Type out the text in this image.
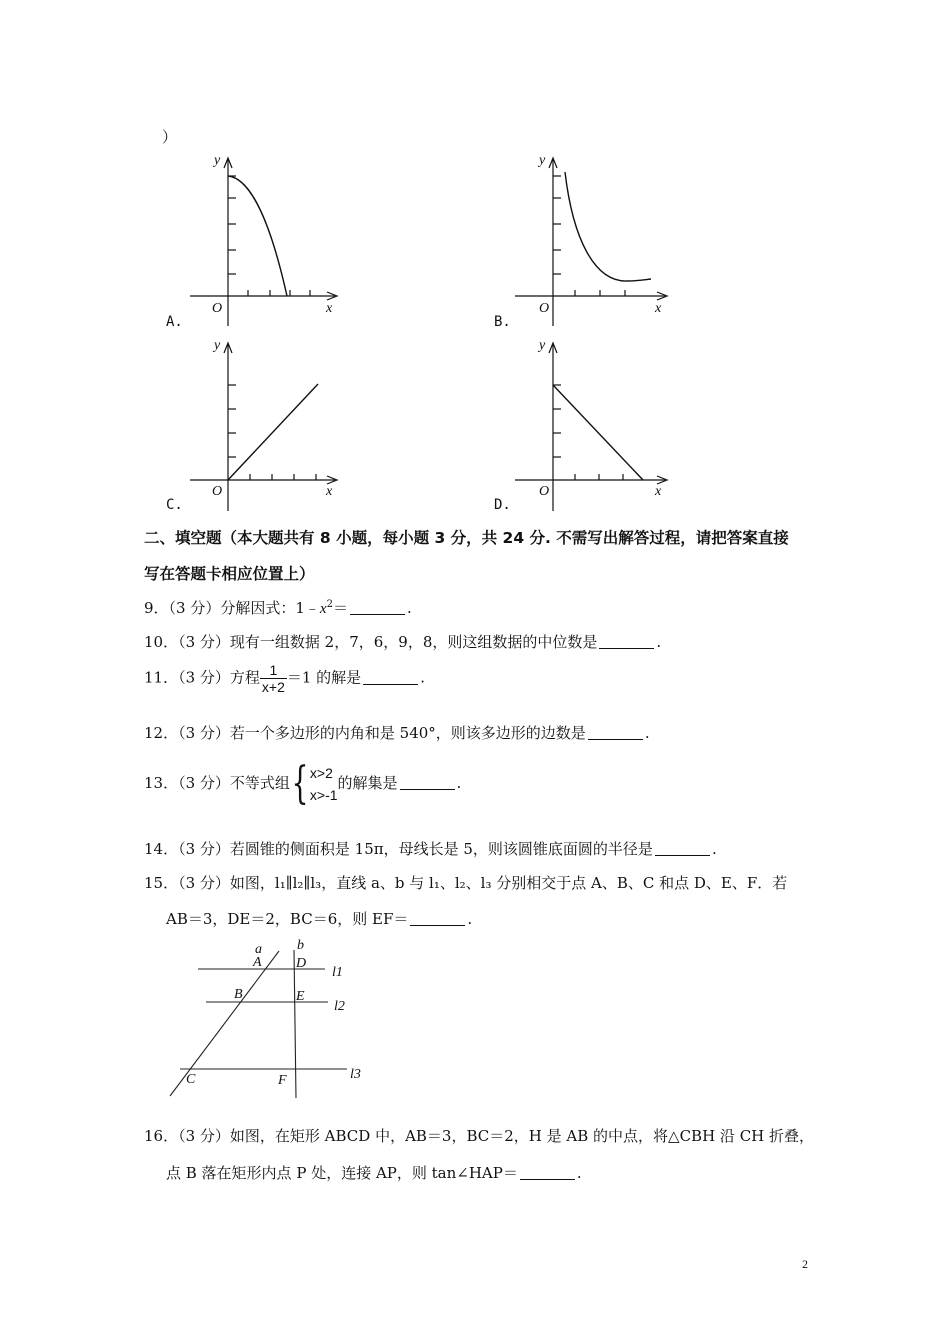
）
y
O	x
A.
y
O	x
B.
y
O	x
C.
y
O	x
D.
二、填空题（本大题共有 8 小题，每小题 3 分，共 24 分. 不需写出解答过程，请把答案直接
写在答题卡相应位置上）
9．（3 分）分解因式：$1﹣x^2=$	.
10．（3 分）现有一组数据 2，7，6，9，8，则这组数据的中位数是	.
11．（3 分）方程 $\frac{1}{x+2} =1$ 的解是	.
12．（3 分）若一个多边形的内角和是 540°，则该多边形的边数是	.
13．（3 分）不等式组{ x>2
x>-1
的解集是	.
14．（3 分）若圆锥的侧面积是 15π，母线长是 5，则该圆锥底面圆的半径是	.
15．（3 分）如图，l₁∥l₂∥l₃，直线 a、b 与 l₁、l₂、l₃ 分别相交于点 A、B、C 和点 D、E、F．若
AB＝3，DE＝2，BC＝6，则 EF＝	.
a	b
l1
l2
l3
A
B
C
D
E
F
16．（3 分）如图，在矩形 ABCD 中，AB＝3，BC＝2，H 是 AB 的中点，将△CBH 沿 CH 折叠，
点 B 落在矩形内点 P 处，连接 AP，则 tan∠HAP＝	.
2
